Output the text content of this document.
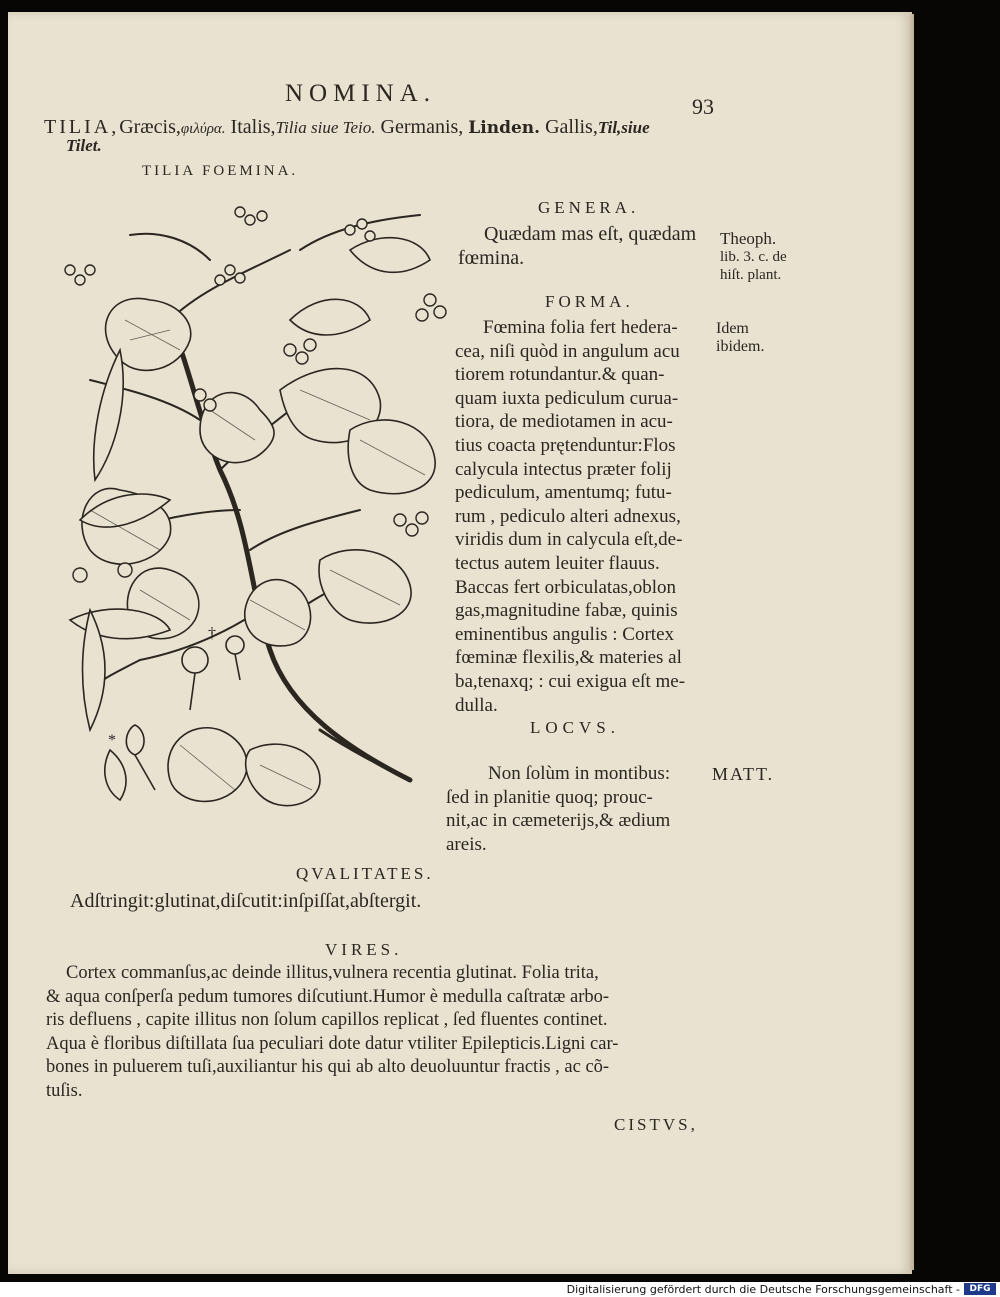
NOMINA.	93
TILIA,Græcis,φιλύρα. Italis,Tilia siue Teio. Germanis, Linden. Gallis,Til,siue
Tilet.
TILIA FOEMINA.
†
*
GENERA.
Quædam mas eſt, quædam
fœmina.
Theoph.
lib. 3. c. de
hiſt. plant.
FORMA.
Fœmina folia fert hedera-
cea, niſi quòd in angulum acu
tiorem rotundantur.& quan-
quam iuxta pediculum curua-
tiora, de mediotamen in acu-
tius coacta prętenduntur:Flos
calycula intectus præter folij
pediculum, amentumq; futu-
rum , pediculo alteri adnexus,
viridis dum in calycula eſt,de-
tectus autem leuiter flauus.
Baccas fert orbiculatas,oblon
gas,magnitudine fabæ, quinis
eminentibus angulis : Cortex
fœminæ flexilis,& materies al
ba,tenaxq; : cui exigua eſt me-
dulla.
Idem
ibidem.
LOCVS.
Non ſolùm in montibus:
ſed in planitie quoq; prouc-
nit,ac in cæmeterijs,& ædium
areis.
MATT.
QVALITATES.
Adſtringit:glutinat,diſcutit:inſpiſſat,abſtergit.
VIRES.
Cortex commanſus,ac deinde illitus,vulnera recentia glutinat. Folia trita,
& aqua conſperſa pedum tumores diſcutiunt.Humor è medulla caſtratæ arbo-
ris defluens , capite illitus non ſolum capillos replicat , ſed fluentes continet.
Aqua è floribus diſtillata ſua peculiari dote datur vtiliter Epilepticis.Ligni car-
bones in puluerem tuſi,auxiliantur his qui ab alto deuoluuntur fractis , ac cõ-
tuſis.
CISTVS,
Digitalisierung gefördert durch die Deutsche Forschungsgemeinschaft -	DFG
